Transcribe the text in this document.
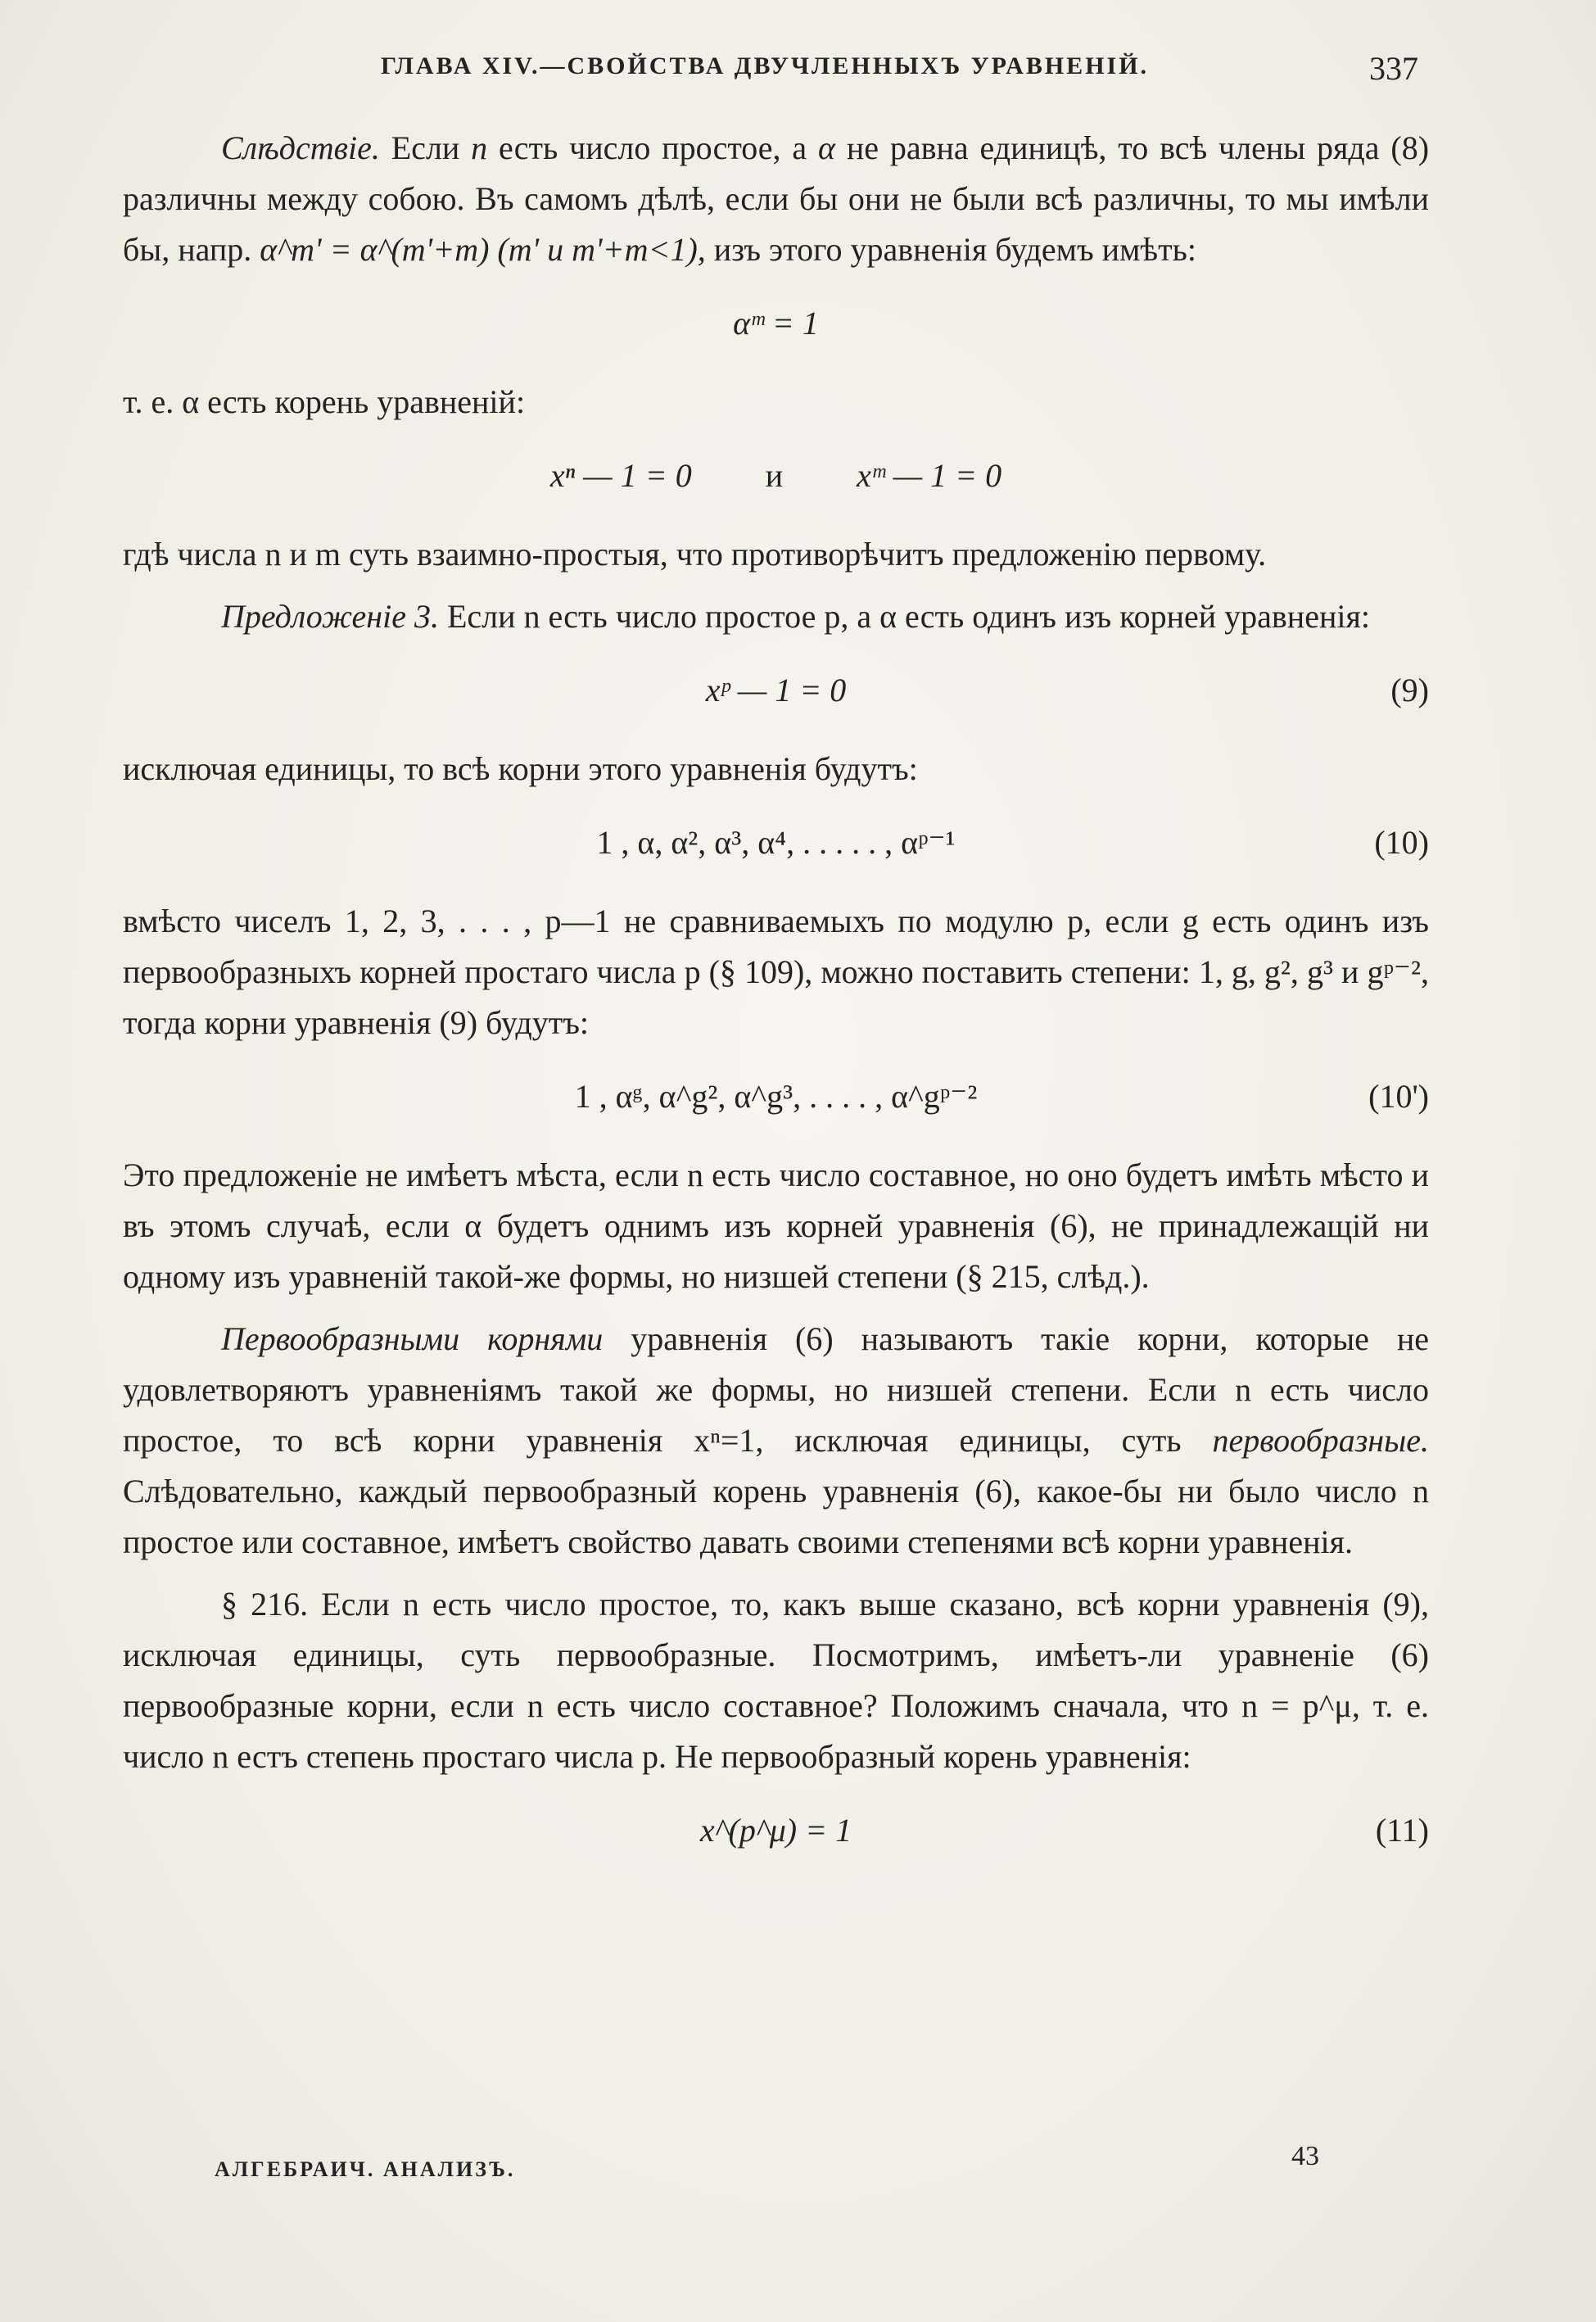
ГЛАВА XIV.—СВОЙСТВА ДВУЧЛЕННЫХЪ УРАВНЕНІЙ.	337

Слѣдствіе. Если n есть число простое, а α не равна единицѣ, то всѣ члены ряда (8) различны между собою. Въ самомъ дѣлѣ, если бы они не были всѣ различны, то мы имѣли бы, напр. α^m' = α^(m'+m) (m' и m'+m<1), изъ этого уравненія будемъ имѣть:

αᵐ = 1

т. е. α есть корень уравненій:

xⁿ — 1 = 0 и xᵐ — 1 = 0

гдѣ числа n и m суть взаимно-простыя, что противорѣчитъ предложенію первому.

Предложеніе 3. Если n есть число простое p, а α есть одинъ изъ корней уравненія:

xᵖ — 1 = 0	(9)

исключая единицы, то всѣ корни этого уравненія будутъ:

1 , α, α², α³, α⁴, . . . . . , αᵖ⁻¹	(10)

вмѣсто чиселъ 1, 2, 3, . . . , p—1 не сравниваемыхъ по модулю p, если g есть одинъ изъ первообразныхъ корней простаго числа p (§ 109), можно поставить степени: 1, g, g², g³ и gᵖ⁻², тогда корни уравненія (9) будутъ:

1 , αᵍ, α^g², α^g³, . . . . , α^gᵖ⁻²	(10')

Это предложеніе не имѣетъ мѣста, если n есть число составное, но оно будетъ имѣть мѣсто и въ этомъ случаѣ, если α будетъ однимъ изъ корней уравненія (6), не принадлежащій ни одному изъ уравненій такой-же формы, но низшей степени (§ 215, слѣд.).

Первообразными корнями уравненія (6) называютъ такіе корни, которые не удовлетворяютъ уравненіямъ такой же формы, но низшей степени. Если n есть число простое, то всѣ корни уравненія xⁿ=1, исключая единицы, суть первообразные. Слѣдовательно, каждый первообразный корень уравненія (6), какое-бы ни было число n простое или составное, имѣетъ свойство давать своими степенями всѣ корни уравненія.

§ 216. Если n есть число простое, то, какъ выше сказано, всѣ корни уравненія (9), исключая единицы, суть первообразные. Посмотримъ, имѣетъ-ли уравненіе (6) первообразные корни, если n есть число составное? Положимъ сначала, что n = p^μ, т. е. число n естъ степень простаго числа p. Не первообразный корень уравненія:

x^(p^μ) = 1	(11)
АЛГЕБРАИЧ. АНАЛИЗЪ.	43
